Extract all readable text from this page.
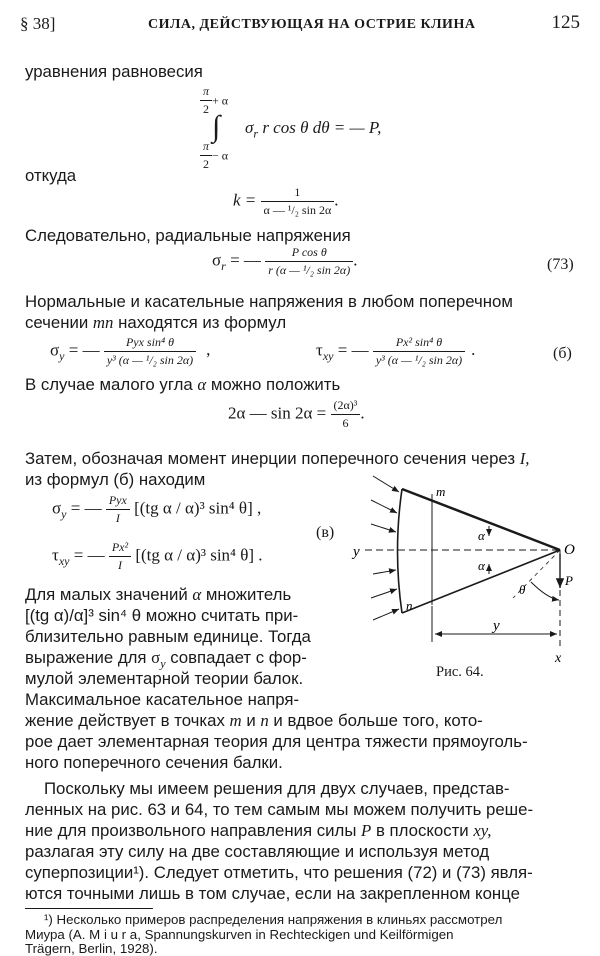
§ 38]	СИЛА, ДЕЙСТВУЮЩАЯ НА ОСТРИЕ КЛИНА	125
уравнения равновесия
$\frac{\pi}{2} + \alpha$
∫ $\sigma_r$ r cos θ dθ = — P,
$\frac{\pi}{2} - \alpha$
откуда
$k = \frac{1}{\text{α — ¹/₂ sin 2α}}$ .
Следовательно, радиальные напряжения
$\sigma_r$ = — $\frac{\text{P cos θ}}{\text{r (α — ¹/₂ sin 2α)}}$ .	(73)
Нормальные и касательные напряжения в любом поперечном
сечении mn находятся из формул
$\sigma_y$ = — $\frac{\text{Pyx sin⁴ θ}}{\text{y³ (α — ¹/₂ sin 2α)}}$ ,	$\tau_{xy}$ = — $\frac{\text{Px² sin⁴ θ}}{\text{y³ (α — ¹/₂ sin 2α)}}$ .	(б)
В случае малого угла α можно положить
2α — $\sin 2\alpha = \frac{\text{(2α)³}}{6}$ .
Затем, обозначая момент инерции поперечного сечения через I,
из формул (б) находим
$\sigma_y$ = — $\frac{\text{Pyx}}{I} [(tg$ α / α)³ sin⁴ θ] ,
$\tau_{xy}$ = — $\frac{\text{Px²}}{I} [(tg$ α / α)³ sin⁴ θ] .
(в)
Для малых значений α множитель
[(tg α)/α]³ sin⁴ θ можно считать при-
близительно равным единице. Тогда
выражение для $\sigma_y$ совпадает с фор-
мулой элементарной теории балок.
Максимальное касательное напря-
жение действует в точках m и n и вдвое больше того, кото-
рое дает элементарная теория для центра тяжести прямоуголь-
ного поперечного сечения балки.
Поскольку мы имеем решения для двух случаев, представ-
ленных на рис. 63 и 64, то тем самым мы можем получить реше-
ние для произвольного направления силы P в плоскости xy,
разлагая эту силу на две составляющие и используя метод
суперпозиции¹). Следует отметить, что решения (72) и (73) явля-
ются точными лишь в том случае, если на закрепленном конце
¹) Несколько примеров распределения напряжения в клиньях рассмотрел
Миура (A. M i u r a, Spannungskurven in Rechteckigen und Keilförmigen
Trägern, Berlin, 1928).
m
n
O
y
y
P
θ
α
α
x
Рис. 64.
